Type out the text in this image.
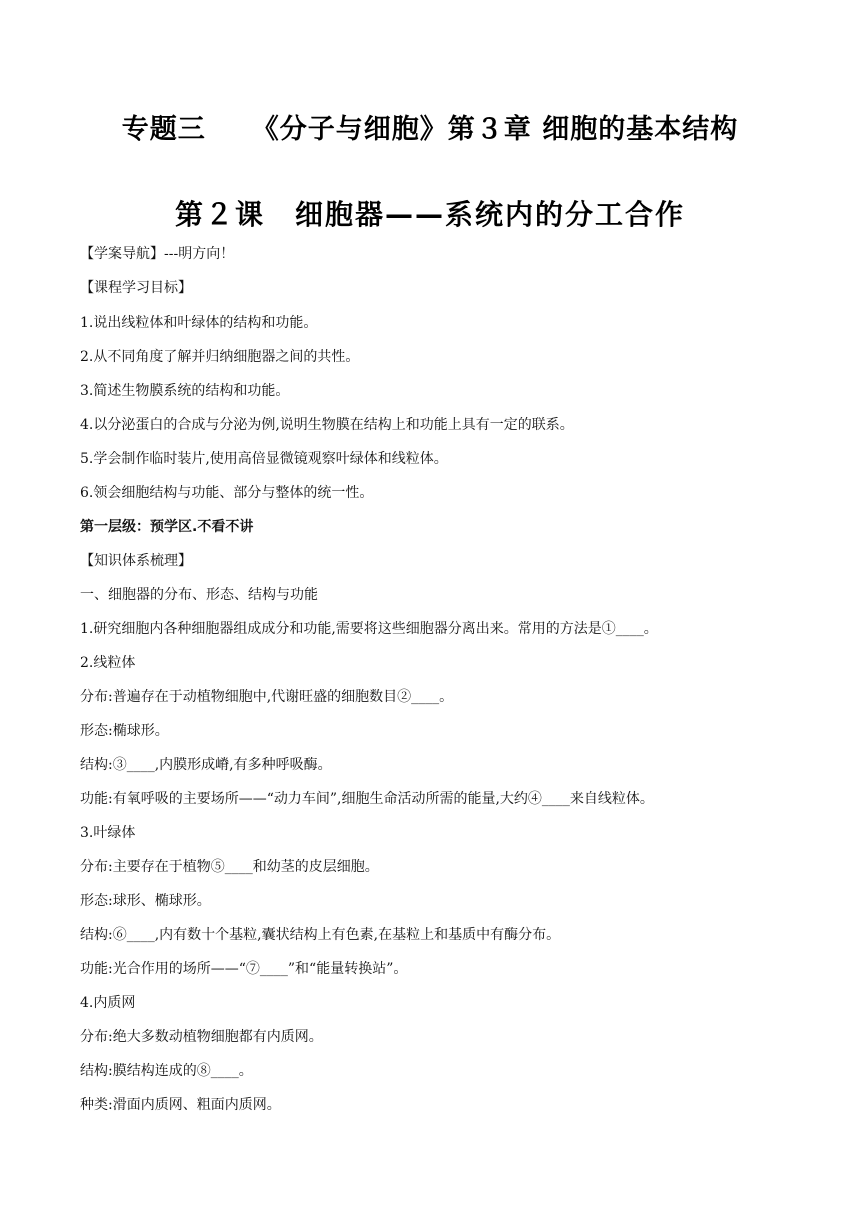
专题三 《分子与细胞》第３章 细胞的基本结构
第２课 细胞器——系统内的分工合作
【学案导航】---明方向！
【课程学习目标】
1.说出线粒体和叶绿体的结构和功能。
2.从不同角度了解并归纳细胞器之间的共性。
3.简述生物膜系统的结构和功能。
4.以分泌蛋白的合成与分泌为例,说明生物膜在结构上和功能上具有一定的联系。
5.学会制作临时装片,使用高倍显微镜观察叶绿体和线粒体。
6.领会细胞结构与功能、部分与整体的统一性。
第一层级：预学区.不看不讲
【知识体系梳理】
一、细胞器的分布、形态、结构与功能
1.研究细胞内各种细胞器组成成分和功能,需要将这些细胞器分离出来。常用的方法是①____。
2.线粒体
分布:普遍存在于动植物细胞中,代谢旺盛的细胞数目②____。
形态:椭球形。
结构:③____,内膜形成嵴,有多种呼吸酶。
功能:有氧呼吸的主要场所——“动力车间”,细胞生命活动所需的能量,大约④____来自线粒体。
3.叶绿体
分布:主要存在于植物⑤____和幼茎的皮层细胞。
形态:球形、椭球形。
结构:⑥____,内有数十个基粒,囊状结构上有色素,在基粒上和基质中有酶分布。
功能:光合作用的场所——“⑦____”和“能量转换站”。
4.内质网
分布:绝大多数动植物细胞都有内质网。
结构:膜结构连成的⑧____。
种类:滑面内质网、粗面内质网。
